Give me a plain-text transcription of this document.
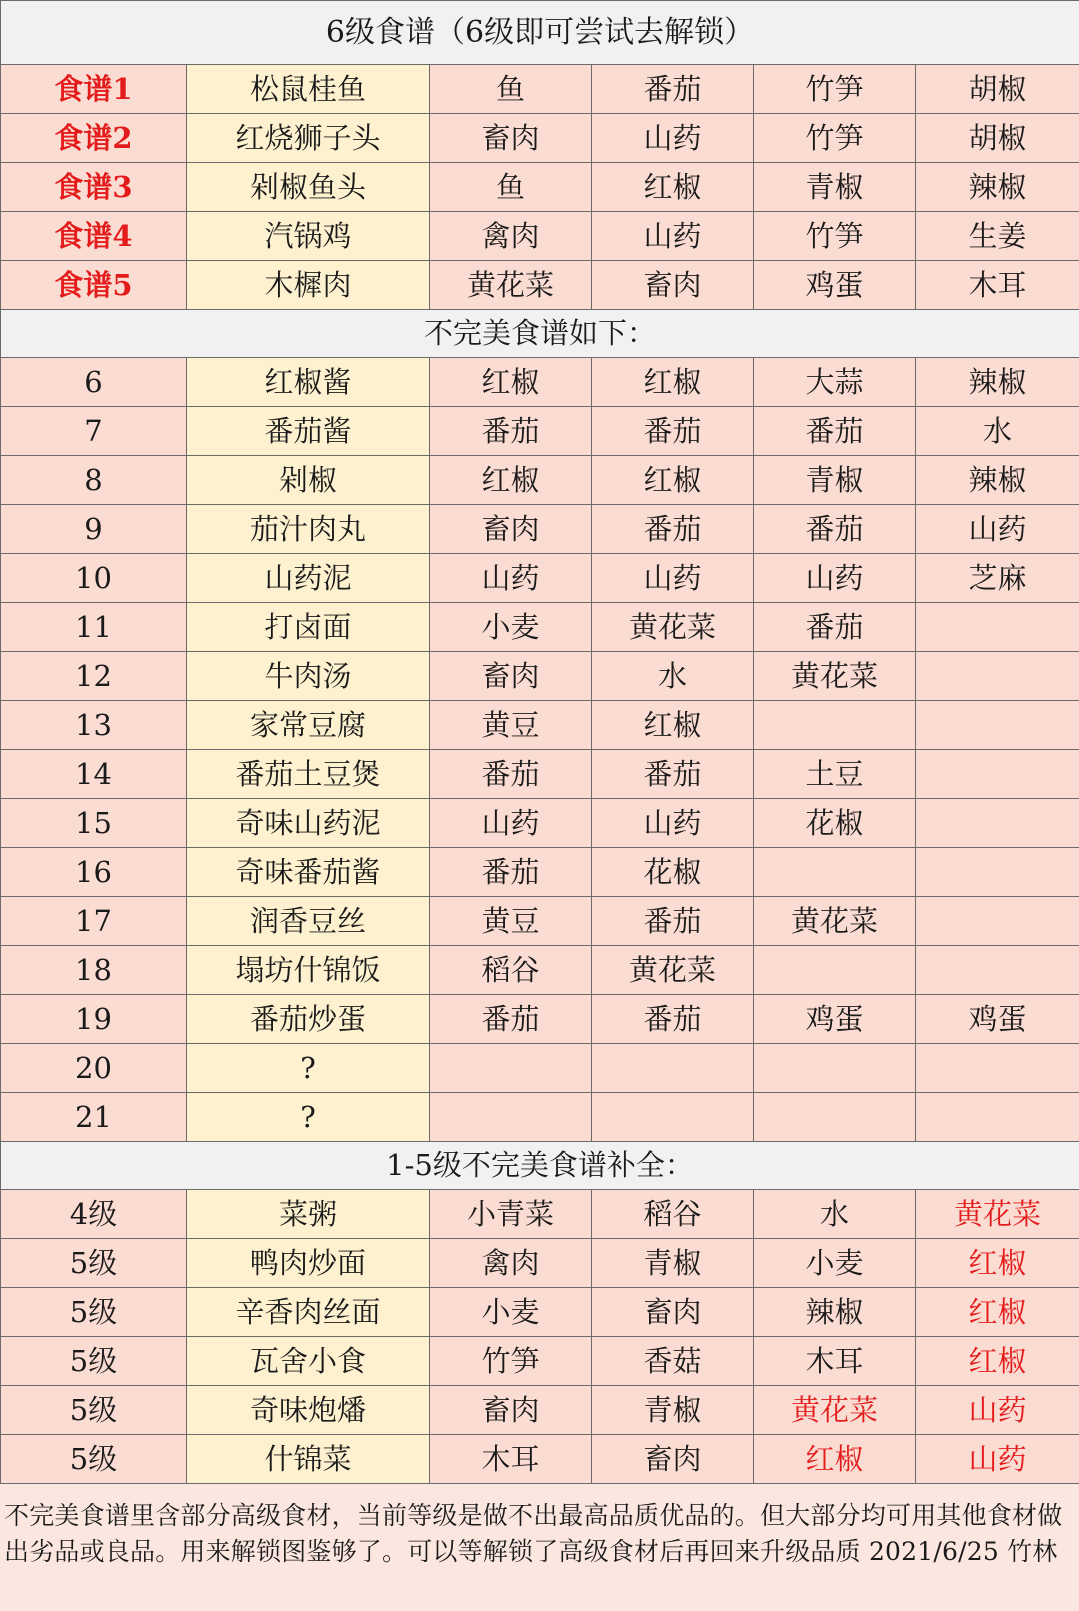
6级食谱（6级即可尝试去解锁）					
食谱1	松鼠桂鱼	鱼	番茄	竹笋	胡椒
食谱2	红烧狮子头	畜肉	山药	竹笋	胡椒
食谱3	剁椒鱼头	鱼	红椒	青椒	辣椒
食谱4	汽锅鸡	禽肉	山药	竹笋	生姜
食谱5	木樨肉	黄花菜	畜肉	鸡蛋	木耳
不完美食谱如下：					
6	红椒酱	红椒	红椒	大蒜	辣椒
7	番茄酱	番茄	番茄	番茄	水
8	剁椒	红椒	红椒	青椒	辣椒
9	茄汁肉丸	畜肉	番茄	番茄	山药
10	山药泥	山药	山药	山药	芝麻
11	打卤面	小麦	黄花菜	番茄	
12	牛肉汤	畜肉	水	黄花菜	
13	家常豆腐	黄豆	红椒		
14	番茄土豆煲	番茄	番茄	土豆	
15	奇味山药泥	山药	山药	花椒	
16	奇味番茄酱	番茄	花椒		
17	润香豆丝	黄豆	番茄	黄花菜	
18	塌坊什锦饭	稻谷	黄花菜		
19	番茄炒蛋	番茄	番茄	鸡蛋	鸡蛋
20	?				
21	?				
1-5级不完美食谱补全：					
4级	菜粥	小青菜	稻谷	水	黄花菜
5级	鸭肉炒面	禽肉	青椒	小麦	红椒
5级	辛香肉丝面	小麦	畜肉	辣椒	红椒
5级	瓦舍小食	竹笋	香菇	木耳	红椒
5级	奇味炮燔	畜肉	青椒	黄花菜	山药
5级	什锦菜	木耳	畜肉	红椒	山药
不完美食谱里含部分高级食材，当前等级是做不出最高品质优品的。但大部分均可用其他食材做出劣品或良品。用来解锁图鉴够了。可以等解锁了高级食材后再回来升级品质 2021/6/25 竹林
